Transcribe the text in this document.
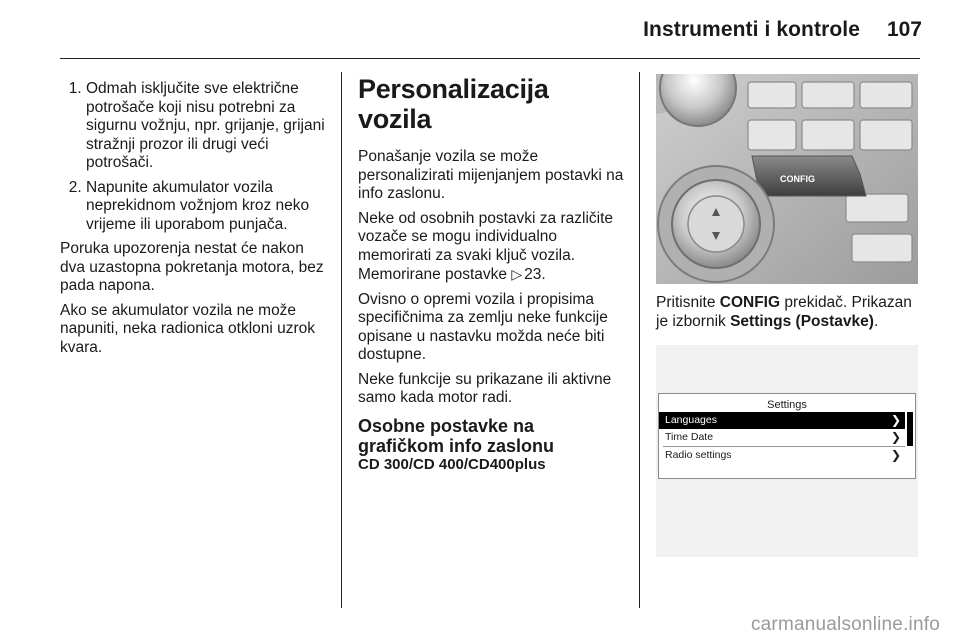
Instrumenti i kontrole 107
1. Odmah isključite sve električne potrošače koji nisu potrebni za sigurnu vožnju, npr. grijanje, grijani stražnji prozor ili drugi veći potrošači.
2. Napunite akumulator vozila neprekidnom vožnjom kroz neko vrijeme ili uporabom punjača.

Poruka upozorenja nestat će nakon dva uzastopna pokretanja motora, bez pada napona.

Ako se akumulator vozila ne može napuniti, neka radionica otkloni uzrok kvara.

Personalizacija vozila

Ponašanje vozila se može personalizirati mijenjanjem postavki na info zaslonu.

Neke od osobnih postavki za različite vozače se mogu individualno memorirati za svaki ključ vozila. Memorirane postavke ▷ 23.

Ovisno o opremi vozila i propisima specifičnima za zemlju neke funkcije opisane u nastavku možda neće biti dostupne.

Neke funkcije su prikazane ili aktivne samo kada motor radi.

Osobne postavke na grafičkom info zaslonu
CD 300/CD 400/CD400plus
CONFIG

Pritisnite CONFIG prekidač. Prikazan je izbornik Settings (Postavke).

Settings
Languages	❯
Time Date	❯
Radio settings	❯
carmanualsonline.info
